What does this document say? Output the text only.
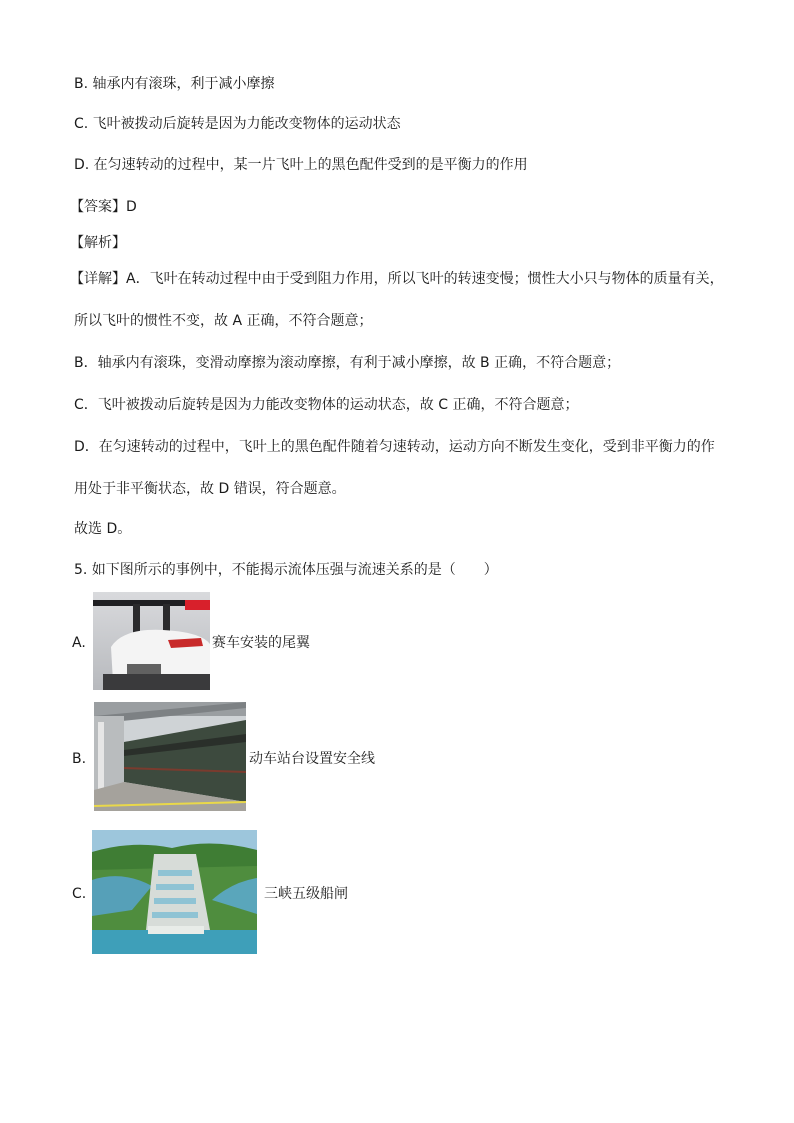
B. 轴承内有滚珠，利于减小摩擦
C. 飞叶被拨动后旋转是因为力能改变物体的运动状态
D. 在匀速转动的过程中，某一片飞叶上的黑色配件受到的是平衡力的作用
【答案】D
【解析】
【详解】A．飞叶在转动过程中由于受到阻力作用，所以飞叶的转速变慢；惯性大小只与物体的质量有关，
所以飞叶的惯性不变，故 A 正确，不符合题意；
B．轴承内有滚珠，变滑动摩擦为滚动摩擦，有利于减小摩擦，故 B 正确，不符合题意；
C．飞叶被拨动后旋转是因为力能改变物体的运动状态，故 C 正确，不符合题意；
D．在匀速转动的过程中，飞叶上的黑色配件随着匀速转动，运动方向不断发生变化，受到非平衡力的作
用处于非平衡状态，故 D 错误，符合题意。
故选 D。
5. 如下图所示的事例中，不能揭示流体压强与流速关系的是（　　）
A.	赛车安装的尾翼
B.	动车站台设置安全线
C.	三峡五级船闸
